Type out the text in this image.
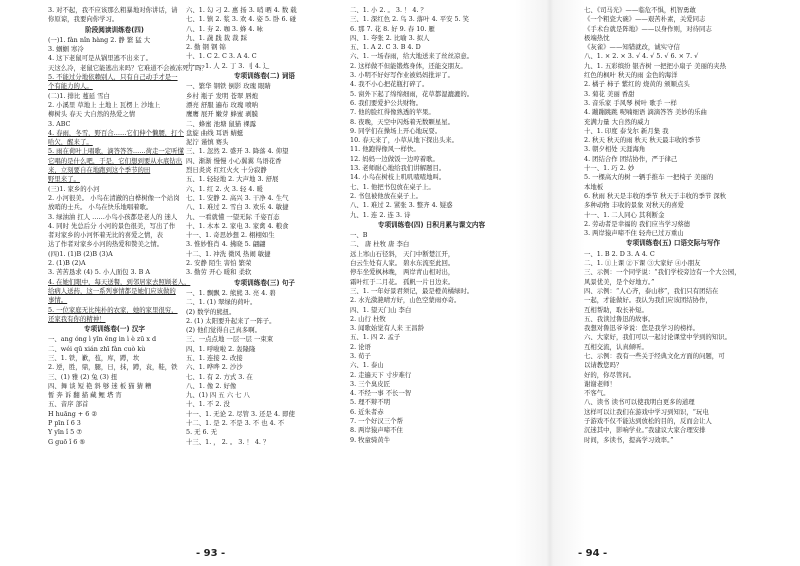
3. 对不起，我不应该那么粗暴地对你讲话，请
你原谅，我要向你学习。
阶段阅读训练卷(四)
(一)1. fàn nǐn hàng 2. 静 繁 猛 大
3. 蝈蝈 寒冷
4. 这下老鼠可是从锅里逃不出来了。
天这么冷，老鼠它能逃出来吗？它难道不会被冻死了吗？
5. 不能过分地依赖别人，只有自己动手才是一
个有能力的人。
(二)1. 排比 蔓延 雪白
2. 小溪里 草地上 土地上 瓦楞上 沙地上
柳树头 春天 大自然的热爱之情
3. ABC
4. 春雨，冬雪，野百合……它们伸个懒腰，打个
哈欠，醒来了。
5. 雨在荷叶上唱歌，滴答答答……荷走一定听懂
它唱的是什么吧，于是，它们想到要从水底钻出
来，立刻要自在地跑到这个季节的田
野里来了。
(三)1. 家乡的小河
2. 小河很美。 小鸟在清澈的白桦树像一个站岗
放哨的士兵。 小鸟在快乐地唱着歌。
3. 绿油油 扛人 ……小鸟小孩都是老人的 迷人
4. 同时 先总后分 小河的景色很美，写出了作
者对家乡的小河怀着无比的喜爱之情，表
达了作者对家乡小河的热爱和赞美之情。
(四)1. (1)B (2)B (3)A
2. (1)B (2)A
3. 苦苦恳求 (4) 5. 小人面包 3. B A
4. 在她们眼中，每天送餐，到邻居家去照顾老人，
给病人送药，这一系列事情都是她们应该做的
事情。
5. 一位家庭无比纯朴的农家，她的家里很穷，
还家我有你的精神！
专项训练卷(一) 汉字
一、ang óng ì yīn ěng in ì è zū x d
二、wéi qū xián zhī fàn cuò kù
三、1. 铁，歉，苞，库，蹲，坎
2. 逆，胜，鼎，腿，日，抹，蹲，袁，鞋，铁
三、(1) 雅 (2) 兔 (3) 扭
四、舞 谈 短 艳 斜 够 迷 板 猫 猜 糟
暂 奔 诉 翻 描 藏 鲤 塔 宵
五、音序 部首
H huāng + 6 ②
P pīn ǐ 6 3
Y yīn ǐ 5 ⑦
G guō ǐ 6 ⑤
六、1. 勾 刁 2. 惠 扬 3. 哨 晒 4. 数 载
七、1. 镇 2. 浆 3. 欢 4. 姿 5. 卧 6. 碰
八、1. 夯 2. 咖 3. 蜂 4. 咏
九、1. 蔬 践 裁 裁 踩
2. 勤 钢 钢 锦
十、1. C 2. C 3. A 4. C
十一、1. 人 2. 丁 3. 刂 4. 辶
专项训练卷(二) 词语
一、繁华 钢铁 倒影 玫瑰 眼睛
乡村 瓶子 发明 苍翠 唇炮
漂亮 舒服 遍布 玫瑰 喷呐
鹰鹰 展开 嫩芽 蜂蜜 剥膜
二、蜂蜜 池塘 鼠猫 裸露
盘旋 曲线 耳语 蜻蜓
泥泞 谨慎 赛头
三、1. 忽然 2. 盛开 3. 降落 4. 仰望
四、渐渐 慢慢 小心翼翼 鸟语花香
烈日炎炎 红红火火 十分寂静
五、1. 轻轻地 2. 大声地 3. 舒展
六、1. 红 2. 火 3. 轻 4. 暖
七、1. 安静 2. 高兴 3. 干净 4. 生气
八、1. 难过 2. 雪白 3. 欢乐 4. 敏捷
九、一看就懂 一望无际 千姿百态
十、1. 木本 2. 家电 3. 家禽 4. 粮食
十一、1. 奇思妙想 2. 栩栩如生
3. 惟妙惟肖 4. 拂晓 5. 翩翩
十二、1. 冲洗 微风 热闹 敏捷
2. 安静 陌生 害怕 繁荣
3. 勤劳 开心 暖和 柔软
专项训练卷(三) 句子
一、1. 飘飘 2. 熊熊 3. 亮 4. 碧
二、1. (1) 翠绿的荷叶。
(2) 数学的熊扭。
2. (1) 太阳要升起来了一阵子。
(2) 他们觉得自己真多啊。
三、一点点地 一层一层 一束束
四、1. 呼啦啦 2. 轰隆隆
五、1. 连接 2. 改接
六、1. 哗哗 2. 沙沙
七、1. 有 2. 方式 3. 在
八、1. 像 2. 好像
九、(1) 四 五 六 七 八
十、1. 不 2. 没
十一、1. 无论 2. 尽管 3. 还是 4. 即使
十二、1. 是 2. 不是 3. 不 也 4. 不
5. 无 6. 无
十三、1. ， 2. 。 3. ！ 4. ？
二、1. 小 2. 。 3. ！ 4. ？
三、1. 深红色 2. 鸟 3. 落叶 4. 平安 5. 笑
6. 那 7. 花 8. 好 9. 春 10. 雁
四、1. 夸张 2. 比喻 3. 拟人
五、1. A 2. C 3. B 4. D
六、1. 一场春雨，给大地送来了丝丝凉意。
2. 这样做不但能锻炼身体，还能交朋友。
3. 小明不好好写作业被妈妈批评了。
4. 我不小心把花瓶打碎了。
5. 窗外下起了绵绵细雨，花草都湿漉漉的。
6. 我们要爱护公共财物。
7. 他的脸红得像熟透的苹果。
8. 夜晚，天空中闪烁着无数颗星星。
9. 同学们在操场上开心地玩耍。
10. 春天来了，小草从地下探出头来。
11. 他跑得像风一样快。
12. 妈妈一边做饭一边哼着歌。
13. 老师耐心地给我们讲解题目。
14. 小鸟在树枝上叽叽喳喳地叫。
七、1. 他把书包放在桌子上。
2. 书包被他放在桌子上。
八、1. 难过 2. 紧张 3. 整齐 4. 疑惑
九、1. 连 2. 连 3. 诗
专项训练卷(四) 日积月累与课文内容
一、B
二、 唐 杜牧 唐 李白
远上寒山石径斜， 天门中断楚江开，
白云生处有人家。 碧水东流至此回。
停车坐爱枫林晚， 两岸青山相对出，
霜叶红于二月花。 孤帆一片日边来。
三、1. 一年好景君须记，最是橙黄橘绿时。
2. 水光潋滟晴方好，山色空蒙雨亦奇。
四、1. 望天门山 李白
2. 山行 杜牧
3. 闻歌始觉有人来 王昌龄
五、1. 四 2. 孟子
2. 论语
3. 荀子
六、1. 泰山
2. 走遍天下 寸步难行
3. 三个臭皮匠
4. 不经一事 不长一智
5. 理不辩不明
6. 近朱者赤
7. 一个好汉三个帮
8. 两岸猿声啼不住
9. 牧童骑黄牛
七、《司马光》——临危不惧，机智勇敢
《一个粗瓷大碗》——艰苦朴素，关爱同志
《手术台就是阵地》——以身作则，对待同志
极端热忱
《灰雀》——知错就改，诚实守信
八、1. × 2. × 3. √ 4. √ 5. √ 6. × 7. √
九、1. 五彩缤纷 银杏树 一把把小扇子 美丽的夹热
红色的枫叶 秋天的雨 金色的海洋
2. 橘子 柿子 紫红的 烧黄的 颁顺点头
3. 菊花 美丽 香甜
3. 音乐家 手风琴 树叶 歌手 一样
4. 蹦蹦跳跳 呢喃细语 滴滴答答 美妙的乐曲
充满力量 大自然的威力
十、1. 印度 泰戈尔 新月集 我
2. 秋天 秋天的雨 秋天 秋天最丰收的季节
3. 朝夕相处 天涯海角
4. 团结合作 团结协作，严于律己
十一、1. 巧 2. 妙
5. 一棵高大的树 一辆手推车 一把椅子 美丽的
本地板
6. 秋雨 秋天是丰收的季节 秋天于丰收的季节 深秋
多种动物 丰收的景象 对秋天的喜爱
十一、1. 二人同心 其利断金
2. 劳动者是幸福的 我们应当学习蔡德
3. 两岸猿声啼不住 轻舟已过万重山
专项训练卷(五) 口语交际与写作
一、1. B 2. D 3. A 4. C
二、1. ①上课 ②下课 ③大家好 ④小朋友
三、示例：一个同学说：“我们学校旁边有一个大公园，
风景优美，是个好地方。”
四、示例：“人心齐，泰山移”，我们只有团结在
一起，才能做好。我认为我们应该团结协作，
互相帮助，取长补短。
五、我读过鲁迅的故事。
我想对鲁迅爷爷说：您是我学习的榜样。
六、大家好，我们可以一起讨论课堂中学到的知识。
互相交流，认真倾听。
七、示例：我有一些关于经典文化方面的问题，可
以请教您吗？
好的，你尽管问。
谢谢老师！
不客气。
八、读书 读书可以使我明白更多的道理
这样可以让我们在游戏中学习到知识，“玩电
子游戏不仅不能达到放松的目的，反而会让人
沉迷其中，影响学业。”我建议大家合理安排
时间，多读书，提高学习效率。”
- 93 -	- 94 -
